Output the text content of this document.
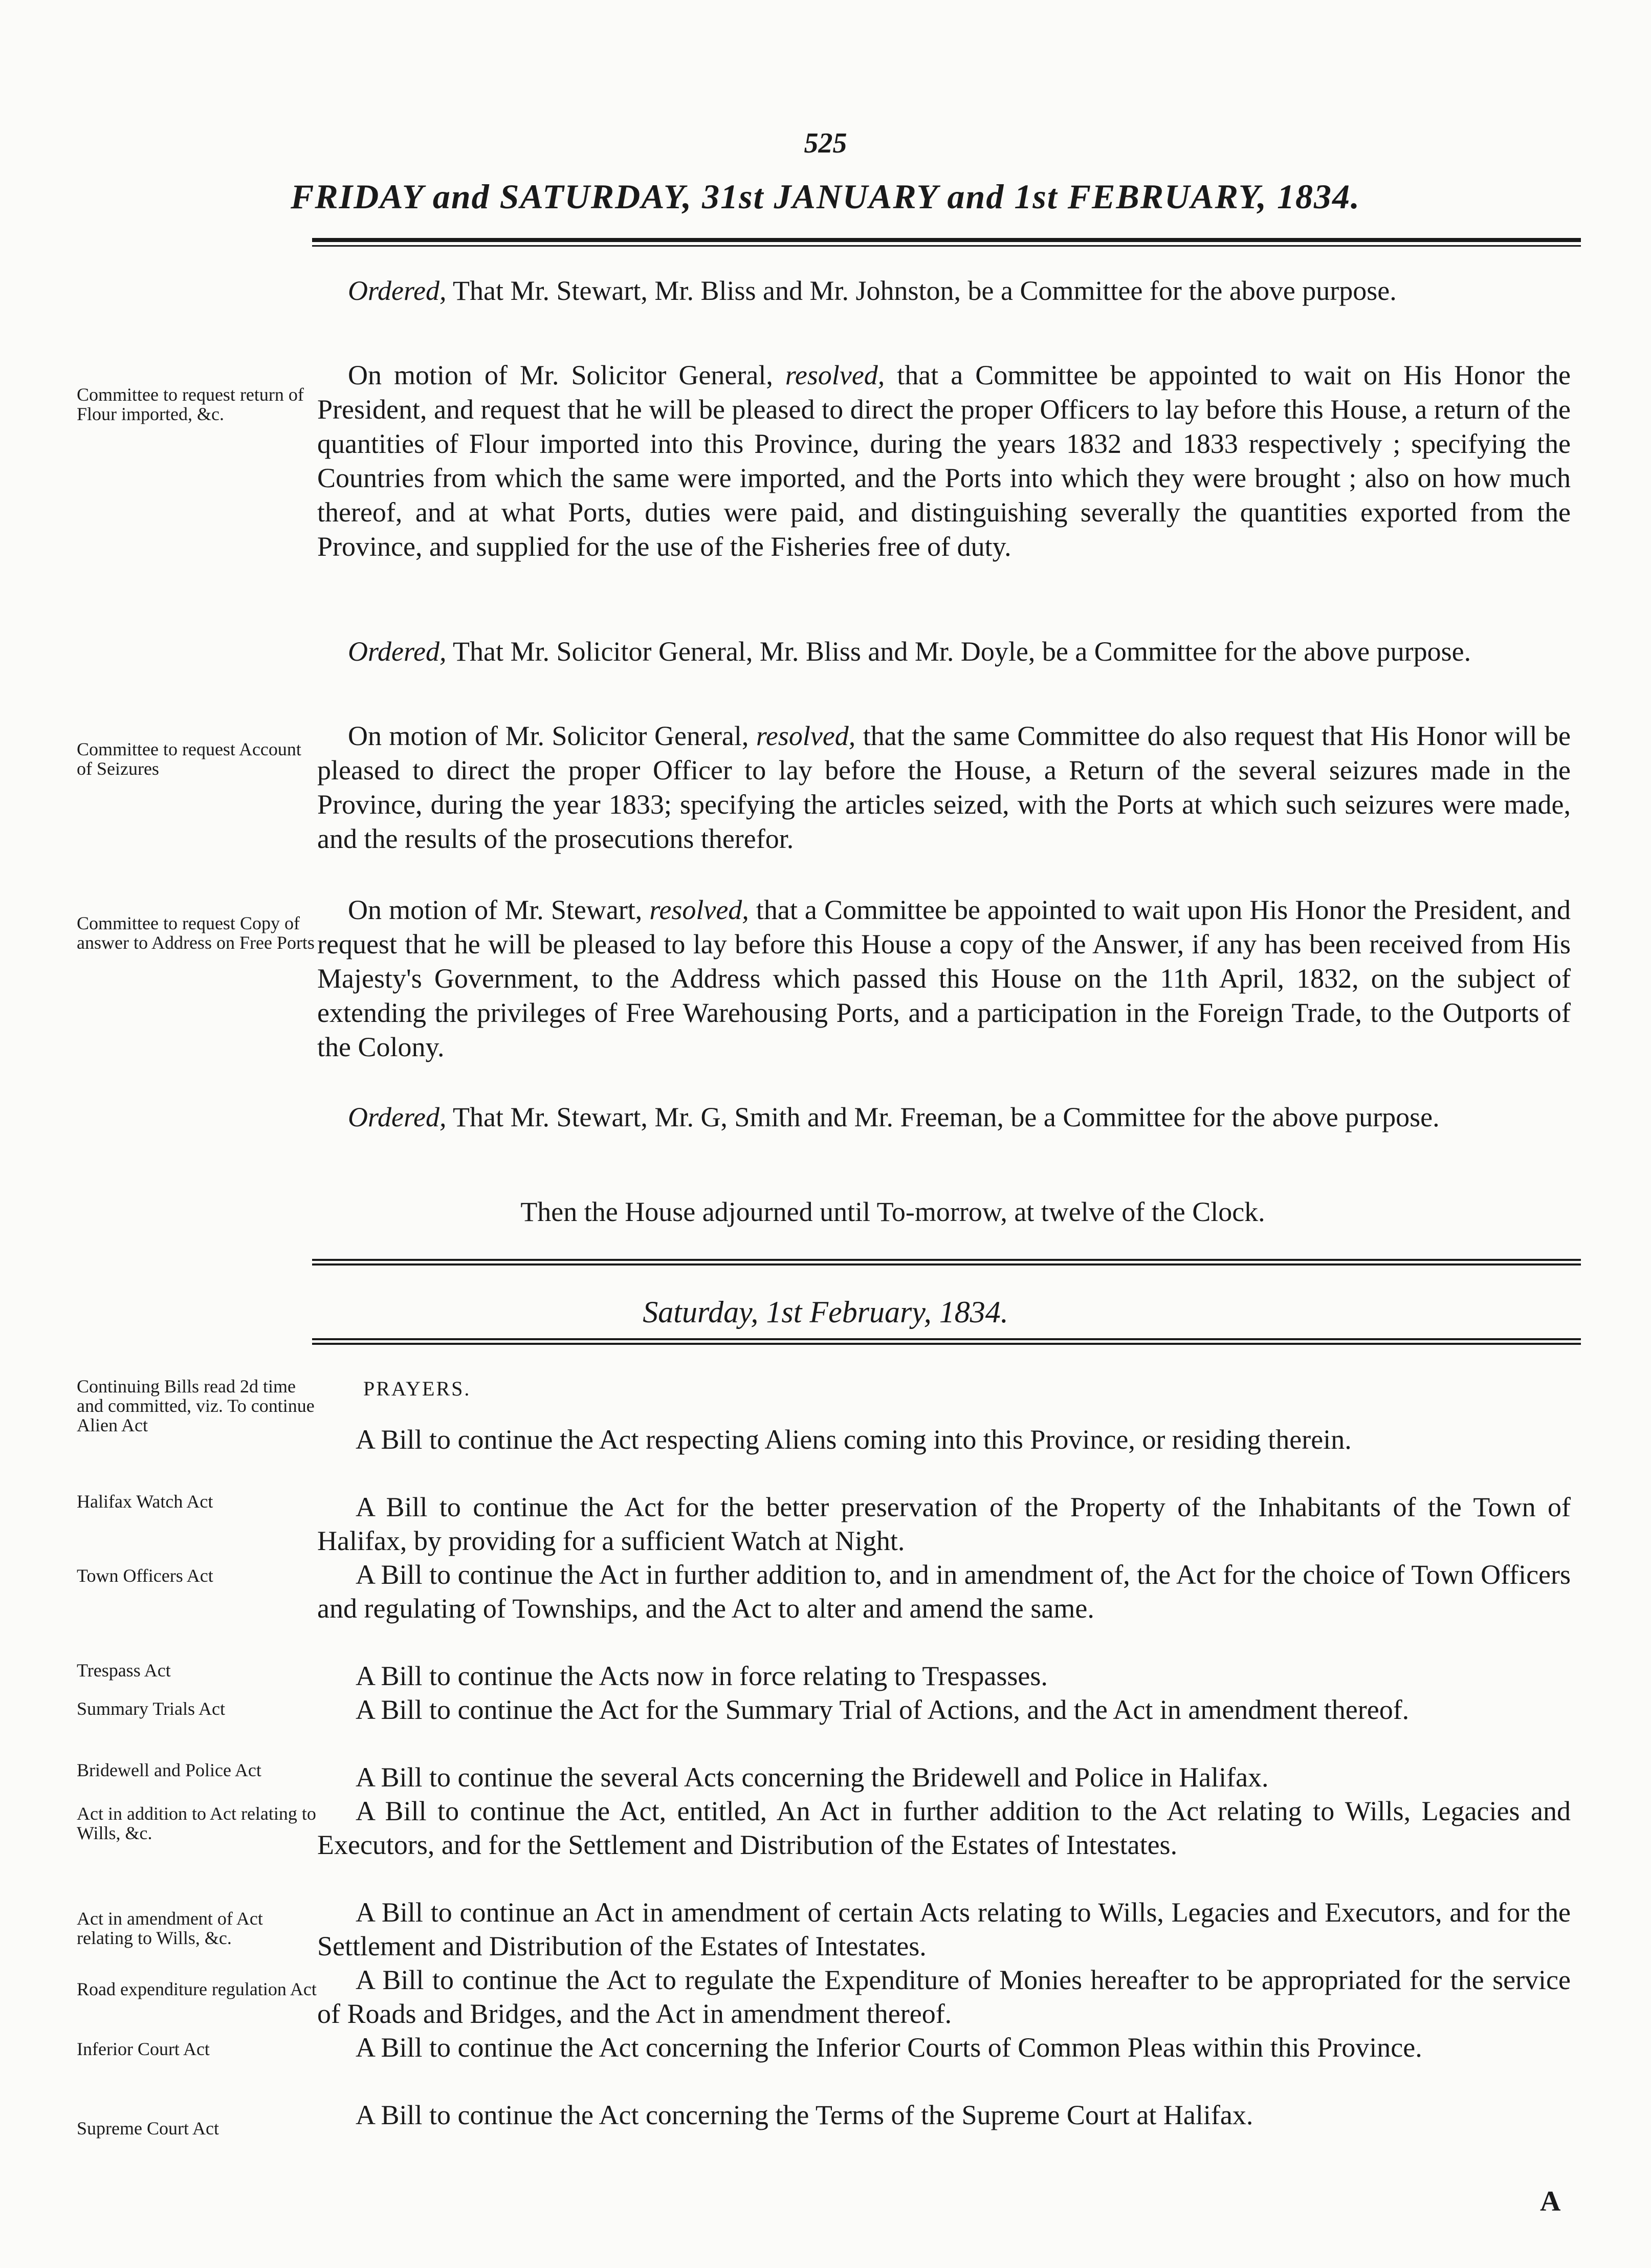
525
FRIDAY and SATURDAY, 31st JANUARY and 1st FEBRUARY, 1834.
Ordered, That Mr. Stewart, Mr. Bliss and Mr. Johnston, be a Committee for the above purpose.
On motion of Mr. Solicitor General, resolved, that a Committee be appointed to wait on His Honor the President, and request that he will be pleased to direct the proper Officers to lay before this House, a return of the quantities of Flour imported into this Province, during the years 1832 and 1833 respectively ; specifying the Countries from which the same were imported, and the Ports into which they were brought ; also on how much thereof, and at what Ports, duties were paid, and distinguishing severally the quantities exported from the Province, and supplied for the use of the Fisheries free of duty.
Ordered, That Mr. Solicitor General, Mr. Bliss and Mr. Doyle, be a Committee for the above purpose.
On motion of Mr. Solicitor General, resolved, that the same Committee do also request that His Honor will be pleased to direct the proper Officer to lay before the House, a Return of the several seizures made in the Province, during the year 1833; specifying the articles seized, with the Ports at which such seizures were made, and the results of the prosecutions therefor.
On motion of Mr. Stewart, resolved, that a Committee be appointed to wait upon His Honor the President, and request that he will be pleased to lay before this House a copy of the Answer, if any has been received from His Majesty's Government, to the Address which passed this House on the 11th April, 1832, on the subject of extending the privileges of Free Warehousing Ports, and a participation in the Foreign Trade, to the Outports of the Colony.
Ordered, That Mr. Stewart, Mr. G, Smith and Mr. Freeman, be a Committee for the above purpose.
Then the House adjourned until To-morrow, at twelve of the Clock.
Committee to request return of Flour imported, &c.
Committee to request Account of Seizures
Committee to request Copy of answer to Address on Free Ports
Saturday, 1st February, 1834.
PRAYERS.
Continuing Bills read 2d time and committed, viz. To continue Alien Act
Halifax Watch Act
Town Officers Act
Trespass Act
Summary Trials Act
Bridewell and Police Act
Act in addition to Act relating to Wills, &c.
Act in amendment of Act relating to Wills, &c.
Road expenditure regulation Act
Inferior Court Act
Supreme Court Act
A Bill to continue the Act respecting Aliens coming into this Province, or residing therein.
A Bill to continue the Act for the better preservation of the Property of the Inhabitants of the Town of Halifax, by providing for a sufficient Watch at Night.
A Bill to continue the Act in further addition to, and in amendment of, the Act for the choice of Town Officers and regulating of Townships, and the Act to alter and amend the same.
A Bill to continue the Acts now in force relating to Trespasses.
A Bill to continue the Act for the Summary Trial of Actions, and the Act in amendment thereof.
A Bill to continue the several Acts concerning the Bridewell and Police in Halifax.
A Bill to continue the Act, entitled, An Act in further addition to the Act relating to Wills, Legacies and Executors, and for the Settlement and Distribution of the Estates of Intestates.
A Bill to continue an Act in amendment of certain Acts relating to Wills, Legacies and Executors, and for the Settlement and Distribution of the Estates of Intestates.
A Bill to continue the Act to regulate the Expenditure of Monies hereafter to be appropriated for the service of Roads and Bridges, and the Act in amendment thereof.
A Bill to continue the Act concerning the Inferior Courts of Common Pleas within this Province.
A Bill to continue the Act concerning the Terms of the Supreme Court at Halifax.
A
